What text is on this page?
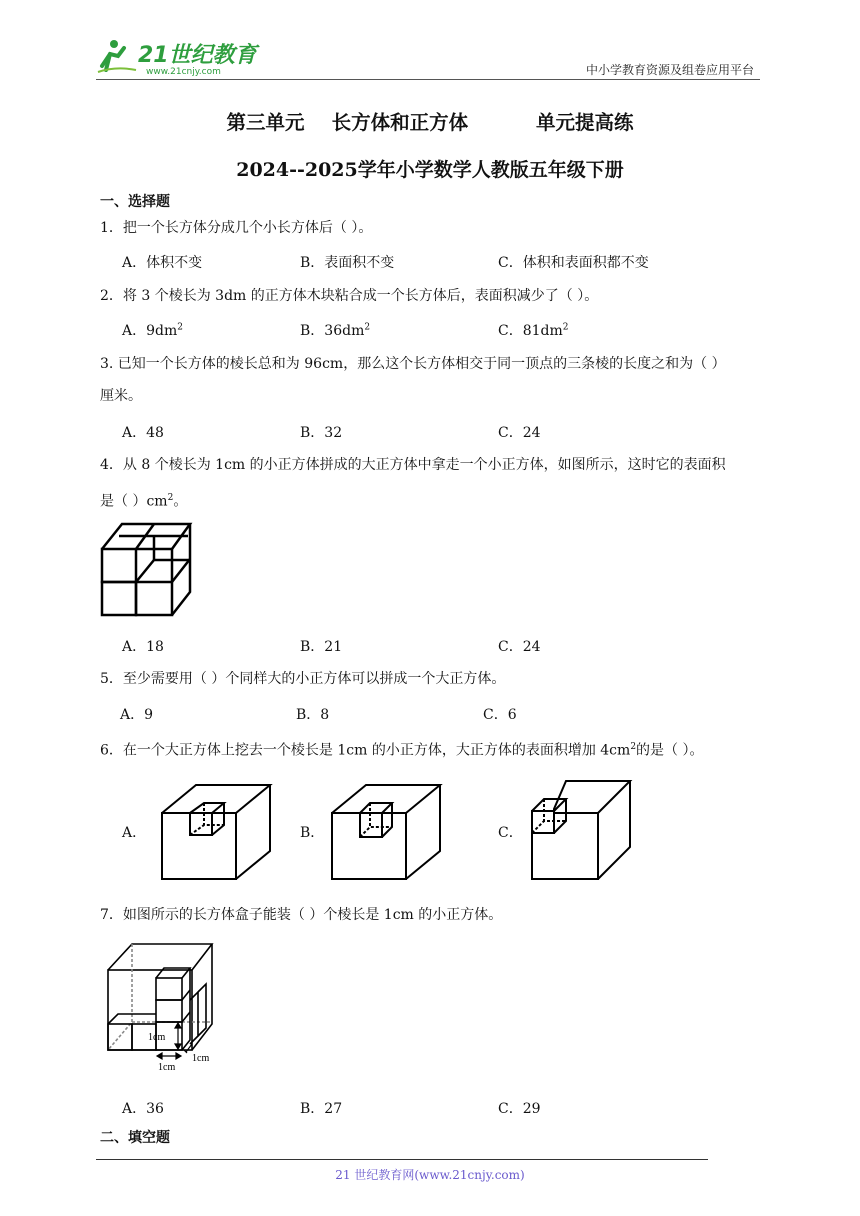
21世纪教育
www.21cnjy.com	中小学教育资源及组卷应用平台
第三单元    长方体和正方体          单元提高练
2024--2025学年小学数学人教版五年级下册
一、选择题
1．把一个长方体分成几个小长方体后（ ）。
A．体积不变	B．表面积不变	C．体积和表面积都不变
2．将 3 个棱长为 3dm 的正方体木块粘合成一个长方体后，表面积减少了（ ）。
A．$9dm^2$	B．$36dm^2$	C．$81dm^2$
3. 已知一个长方体的棱长总和为 96cm，那么这个长方体相交于同一顶点的三条棱的长度之和为（ ）
厘米。
A．48	B．32	C．24
4．从 8 个棱长为 1cm 的小正方体拼成的大正方体中拿走一个小正方体，如图所示，这时它的表面积
是（ ）$cm^2$。
A．18	B．21	C．24
5．至少需要用（ ）个同样大的小正方体可以拼成一个大正方体。
A．9	B．8	C．6
6．在一个大正方体上挖去一个棱长是 1cm 的小正方体，大正方体的表面积增加 $4cm^2$的是（ ）。
A．	B．	C．
7．如图所示的长方体盒子能装（ ）个棱长是 1cm 的小正方体。
1cm
1cm
1cm
A．36	B．27	C．29
二、填空题
21 世纪教育网(www.21cnjy.com)
